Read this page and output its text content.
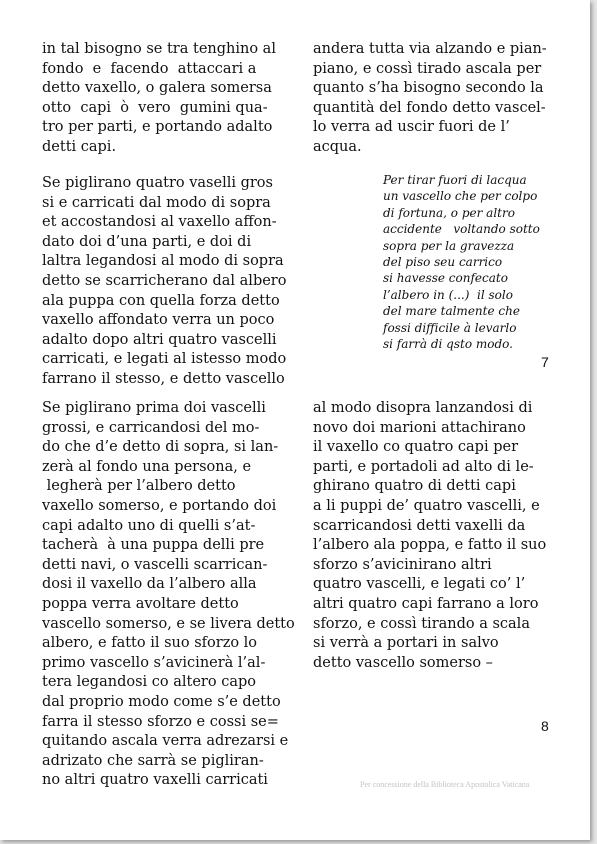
in tal bisogno se tra tenghino al
fondo  e  facendo  attaccari a
detto vaxello, o galera somersa
otto  capi  ò  vero  gumini qua-
tro per parti, e portando adalto
detti capi.
Se piglirano quatro vaselli gros
si e carricati dal modo di sopra
et accostandosi al vaxello affon-
dato doi d’una parti, e doi di
laltra legandosi al modo di sopra
detto se scarricherano dal albero
ala puppa con quella forza detto
vaxello affondato verra un poco
adalto dopo altri quatro vascelli
carricati, e legati al istesso modo
farrano il stesso, e detto vascello
Se piglirano prima doi vascelli
grossi, e carricandosi del mo-
do che d’e detto di sopra, si lan-
zerà al fondo una persona, e
legherà per l’albero detto
vaxello somerso, e portando doi
capi adalto uno di quelli s’at-
tacherà  à una puppa delli pre
detti navi, o vascelli scarrican-
dosi il vaxello da l’albero alla
poppa verra avoltare detto
vascello somerso, e se livera detto
albero, e fatto il suo sforzo lo
primo vascello s’avicinerà l’al-
tera legandosi co altero capo
dal proprio modo come s’e detto
farra il stesso sforzo e cossi se=
quitando ascala verra adrezarsi e
adrizato che sarrà se pigliran-
no altri quatro vaxelli carricati
andera tutta via alzando e pian-
piano, e cossì tirado ascala per
quanto s’ha bisogno secondo la
quantità del fondo detto vascel-
lo verra ad uscir fuori de l’
acqua.
Per tirar fuori di lacqua
un vascello che per colpo
di fortuna, o per altro
accidente   voltando sotto
sopra per la gravezza
del piso seu carrico
si havesse confecato
l’albero in (...)  il solo
del mare talmente che
fossi difficile à levarlo
si farrà di qsto modo.
al modo disopra lanzandosi di
novo doi marioni attachirano
il vaxello co quatro capi per
parti, e portadoli ad alto di le-
ghirano quatro di detti capi
a li puppi de’ quatro vascelli, e
scarricandosi detti vaxelli da
l’albero ala poppa, e fatto il suo
sforzo s’avicinirano altri
quatro vascelli, e legati co’ l’
altri quatro capi farrano a loro
sforzo, e cossì tirando a scala
si verrà a portari in salvo
detto vascello somerso –
7
8
Per concessione della Biblioteca Apostolica Vaticana
